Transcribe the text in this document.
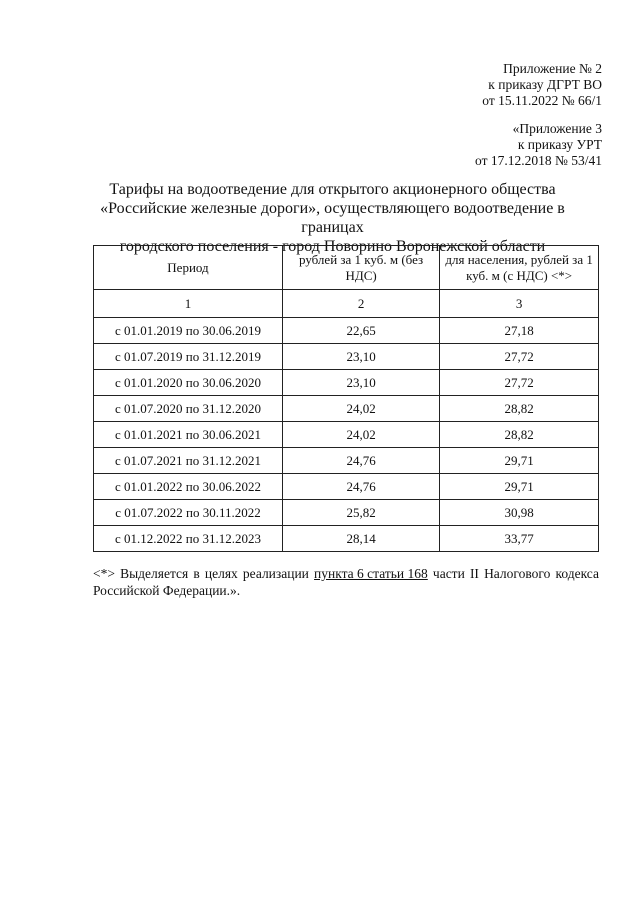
Приложение № 2
к приказу ДГРТ ВО
от 15.11.2022 № 66/1
«Приложение 3
к приказу УРТ
от 17.12.2018 № 53/41
Тарифы на водоотведение для открытого акционерного общества
«Российские железные дороги», осуществляющего водоотведение в границах
городского поселения - город Поворино Воронежской области
Период	рублей за 1 куб. м (без НДС)	для населения, рублей за 1 куб. м (с НДС) <*>
1	2	3
с 01.01.2019 по 30.06.2019	22,65	27,18
с 01.07.2019 по 31.12.2019	23,10	27,72
с 01.01.2020 по 30.06.2020	23,10	27,72
с 01.07.2020 по 31.12.2020	24,02	28,82
с 01.01.2021 по 30.06.2021	24,02	28,82
с 01.07.2021 по 31.12.2021	24,76	29,71
с 01.01.2022 по 30.06.2022	24,76	29,71
с 01.07.2022 по 30.11.2022	25,82	30,98
с 01.12.2022 по 31.12.2023	28,14	33,77
<*> Выделяется в целях реализации пункта 6 статьи 168 части II Налогового кодекса
Российской Федерации.».
